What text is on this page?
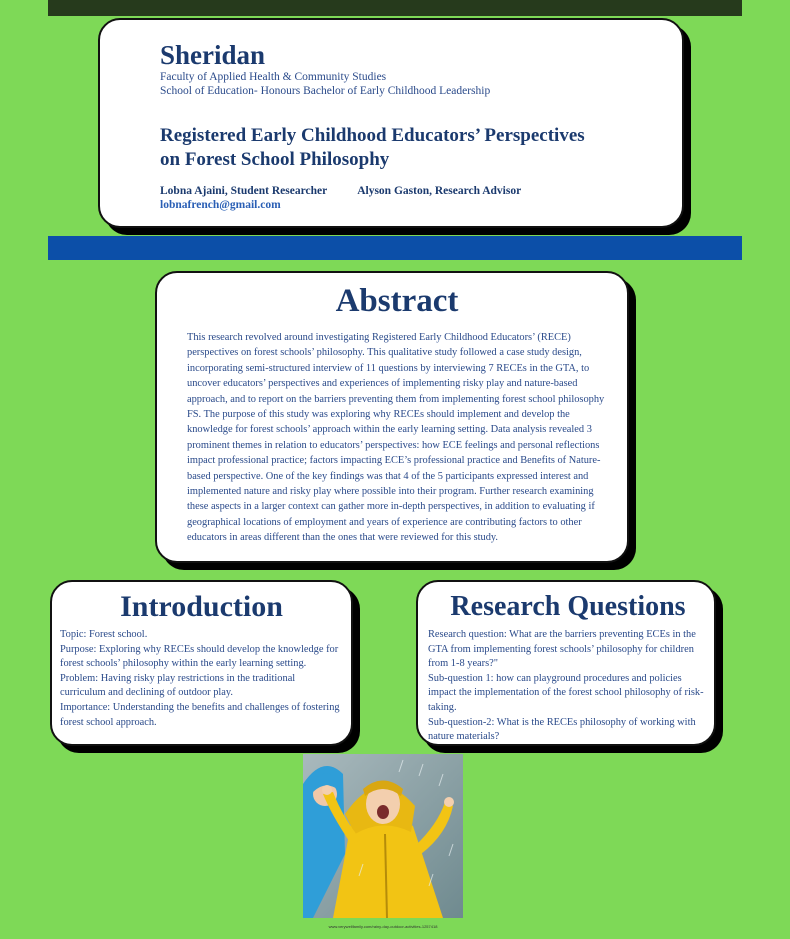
Sheridan
Faculty of Applied Health & Community Studies
School of Education- Honours Bachelor of Early Childhood Leadership
Registered Early Childhood Educators’ Perspectives
on Forest School Philosophy
Lobna Ajaini, Student Researcher	Alyson Gaston, Research Advisor
lobnafrench@gmail.com
Abstract
This research revolved around investigating Registered Early Childhood Educators’ (RECE) perspectives on forest schools’ philosophy. This qualitative study followed a case study design, incorporating semi-structured interview of 11 questions by interviewing 7 RECEs in the GTA, to uncover educators’ perspectives and experiences of implementing risky play and nature-based approach, and to report on the barriers preventing them from implementing forest school philosophy FS. The purpose of this study was exploring why RECEs should implement and develop the knowledge for forest schools’ approach within the early learning setting. Data analysis revealed 3 prominent themes in relation to educators’ perspectives: how ECE feelings and personal reflections impact professional practice; factors impacting ECE’s professional practice and Benefits of Nature-based perspective. One of the key findings was that 4 of the 5 participants expressed interest and implemented nature and risky play where possible into their program. Further research examining these aspects in a larger context can gather more in-depth perspectives, in addition to evaluating if geographical locations of employment and years of experience are contributing factors to other educators in areas different than the ones that were reviewed for this study.
Introduction
Topic: Forest school.
Purpose: Exploring why RECEs should develop the knowledge for forest schools’ philosophy within the early learning setting.
Problem: Having risky play restrictions in the traditional curriculum and declining of outdoor play.
Importance: Understanding the benefits and challenges of fostering forest school approach.
Research Questions
Research question: What are the barriers preventing ECEs in the GTA from implementing forest schools’ philosophy for children from 1-8 years?"
Sub-question 1: how can playground procedures and policies impact the implementation of the forest school philosophy of risk-taking.
Sub-question-2: What is the RECEs philosophy of working with nature materials?
www.verywellfamily.com/rainy-day-outdoor-activities-1257418
